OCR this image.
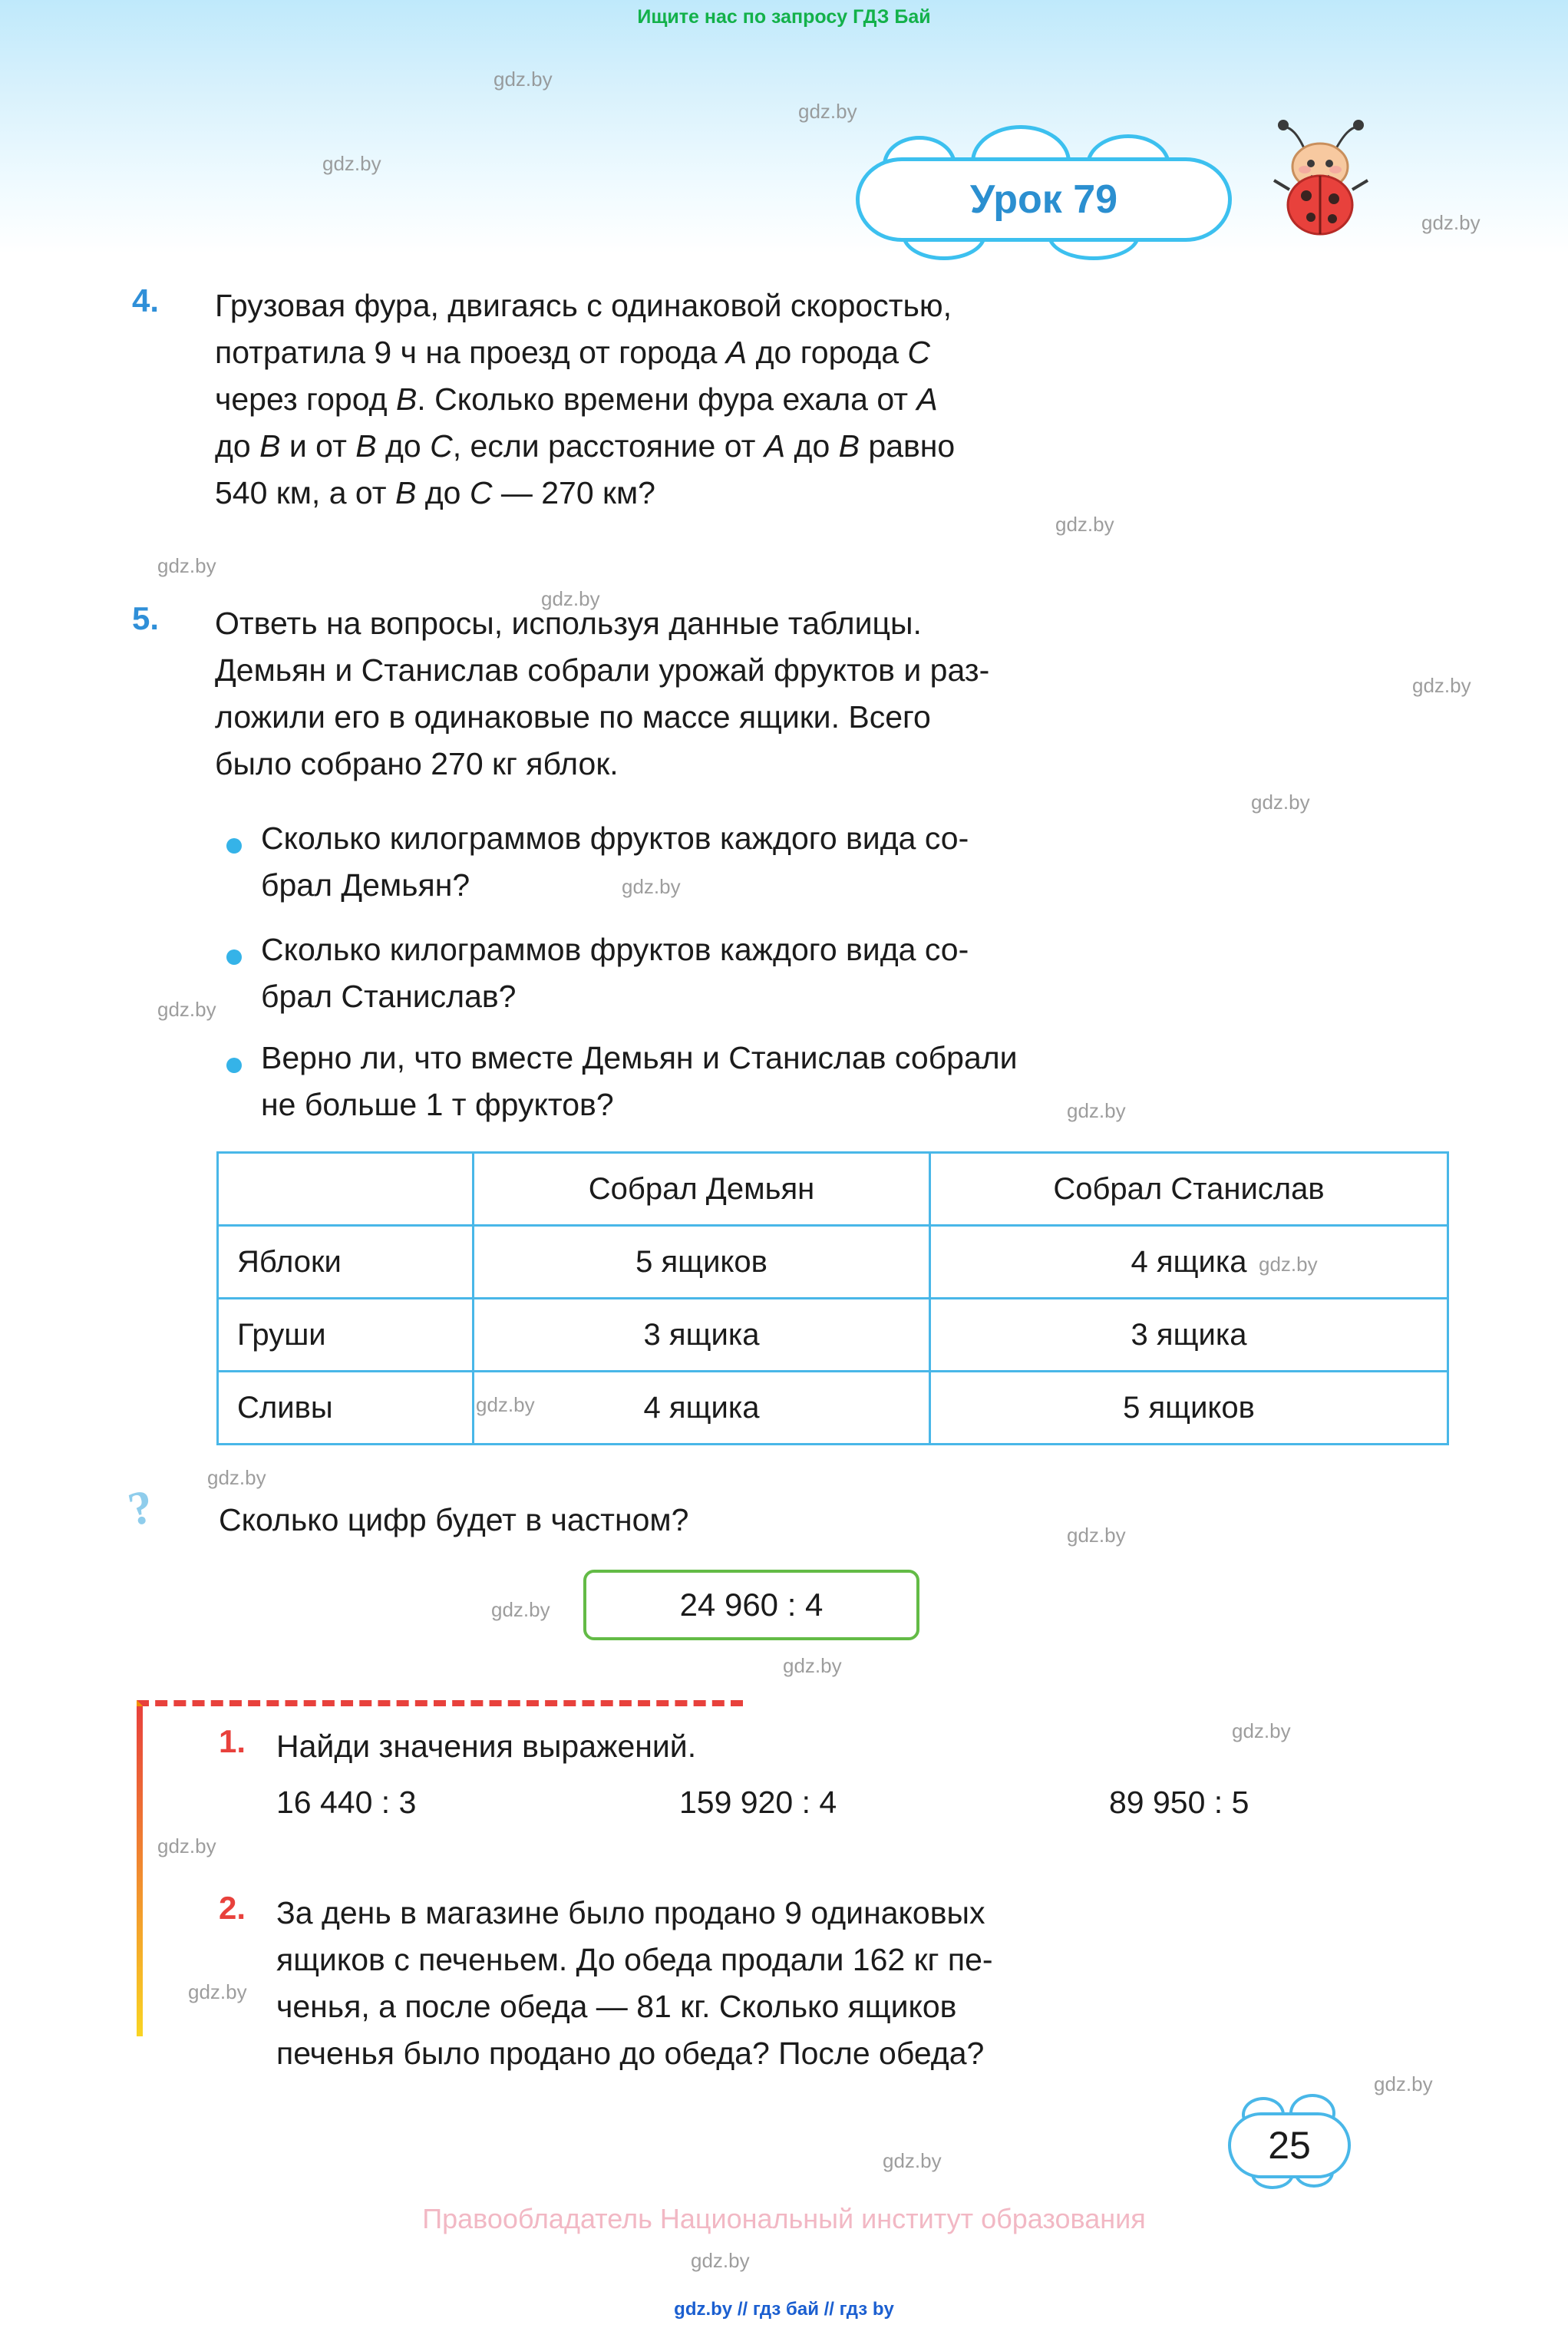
Ищите нас по запросу ГДЗ Бай
Урок 79
4. Грузовая фура, двигаясь с одинаковой скоростью,
потратила 9 ч на проезд от города A до города C
через город B. Сколько времени фура ехала от A
до B и от B до C, если расстояние от A до B равно
540 км, а от B до C — 270 км?
5. Ответь на вопросы, используя данные таблицы.
Демьян и Станислав собрали урожай фруктов и раз-
ложили его в одинаковые по массе ящики. Всего
было собрано 270 кг яблок.
Сколько килограммов фруктов каждого вида со-
брал Демьян?
Сколько килограммов фруктов каждого вида со-
брал Станислав?
Верно ли, что вместе Демьян и Станислав собрали
не больше 1 т фруктов?
	Собрал Демьян	Собрал Станислав
Яблоки	5 ящиков	4 ящика
Груши	3 ящика	3 ящика
Сливы	4 ящика	5 ящиков
? Сколько цифр будет в частном?
24 960 : 4
1. Найди значения выражений.
16 440 : 3	159 920 : 4	89 950 : 5
2. За день в магазине было продано 9 одинаковых
ящиков с печеньем. До обеда продали 162 кг пе-
ченья, а после обеда — 81 кг. Сколько ящиков
печенья было продано до обеда? После обеда?
25
Правообладатель Национальный институт образования
gdz.by // гдз бай // гдз by
gdz.by
gdz.by
gdz.by
gdz.by
gdz.by
gdz.by
gdz.by
gdz.by
gdz.by
gdz.by
gdz.by
gdz.by
gdz.by
gdz.by
gdz.by
gdz.by
gdz.by
gdz.by
gdz.by
gdz.by
gdz.by
gdz.by
gdz.by
gdz.by
